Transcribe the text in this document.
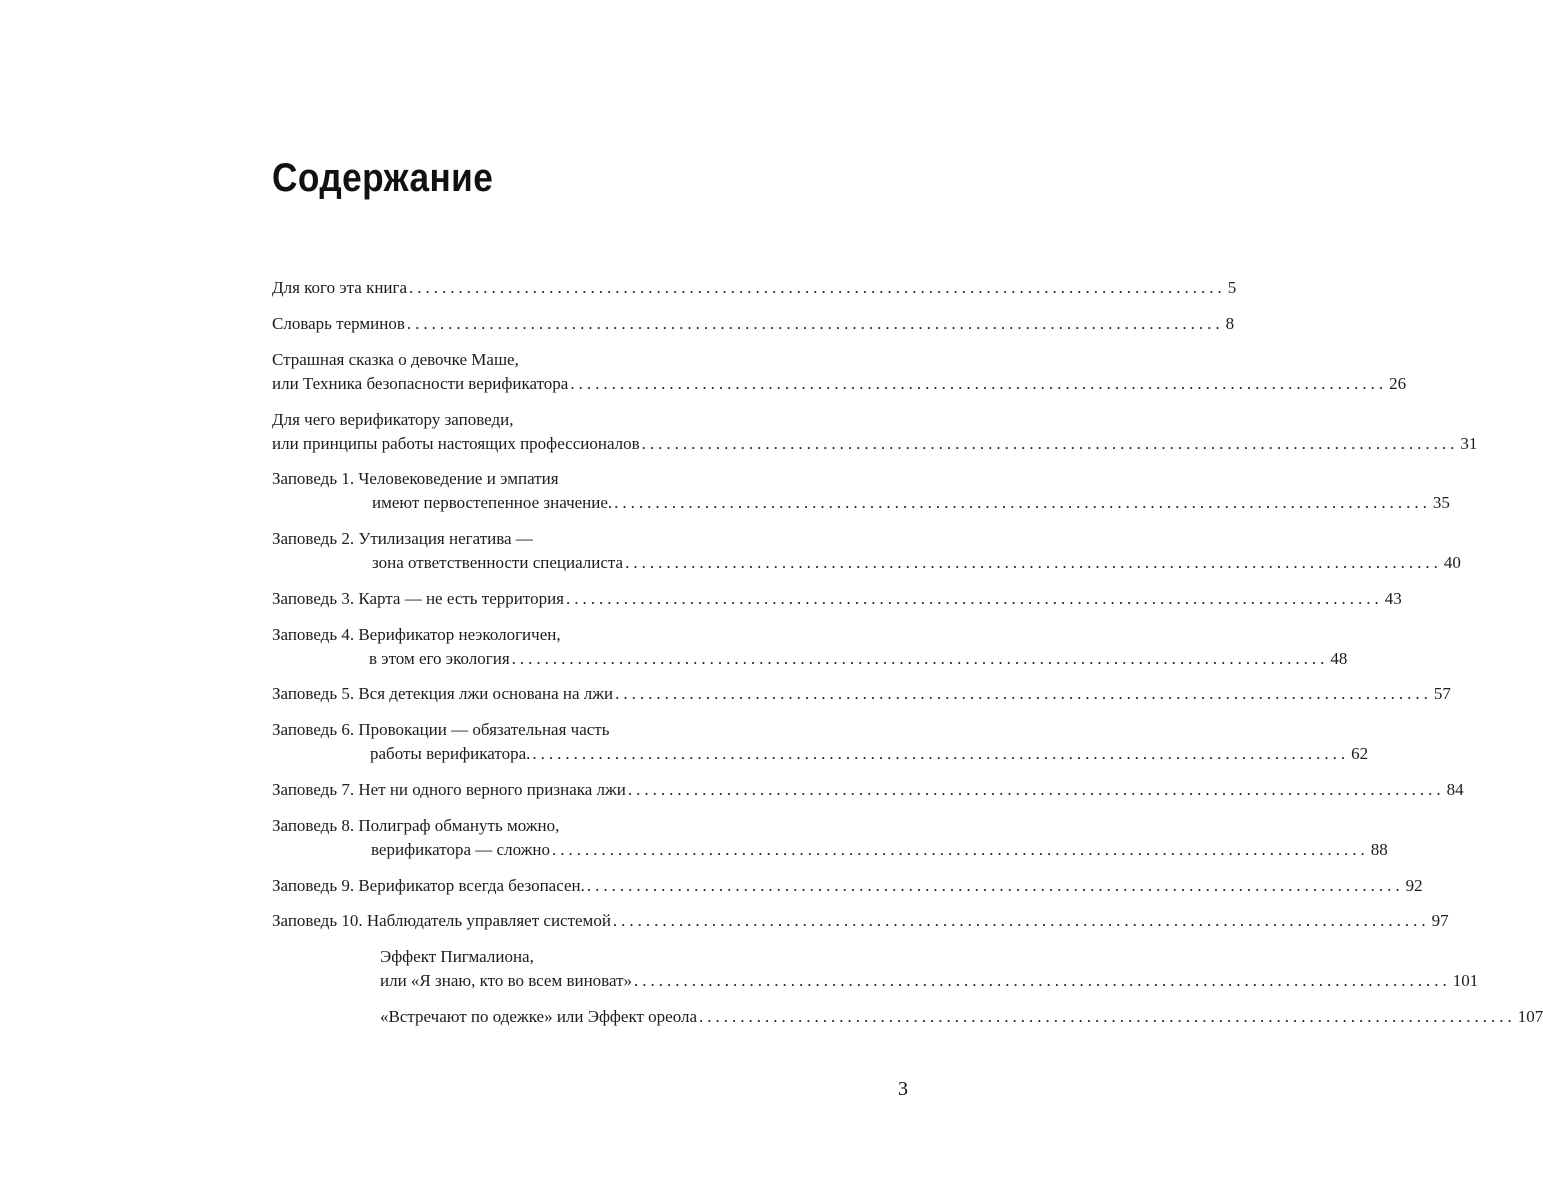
Содержание
Для кого эта книга ................................................................................................... 5
Словарь терминов ................................................................................................... 8
Страшная сказка о девочке Маше,
или Техника безопасности верификатора ................................................................................................... 26
Для чего верификатору заповеди,
или принципы работы настоящих профессионалов ................................................................................................... 31
Заповедь 1. Человековедение и эмпатия
имеют первостепенное значение. ................................................................................................... 35
Заповедь 2. Утилизация негатива —
зона ответственности специалиста ................................................................................................... 40
Заповедь 3. Карта — не есть территория ................................................................................................... 43
Заповедь 4. Верификатор неэкологичен,
в этом его экология ................................................................................................... 48
Заповедь 5. Вся детекция лжи основана на лжи ................................................................................................... 57
Заповедь 6. Провокации — обязательная часть
работы верификатора. ................................................................................................... 62
Заповедь 7. Нет ни одного верного признака лжи ................................................................................................... 84
Заповедь 8. Полиграф обмануть можно,
верификатора — сложно ................................................................................................... 88
Заповедь 9. Верификатор всегда безопасен. ................................................................................................... 92
Заповедь 10. Наблюдатель управляет системой ................................................................................................... 97
Эффект Пигмалиона,
или «Я знаю, кто во всем виноват» ................................................................................................... 101
«Встречают по одежке» или Эффект ореола ................................................................................................... 107
3
